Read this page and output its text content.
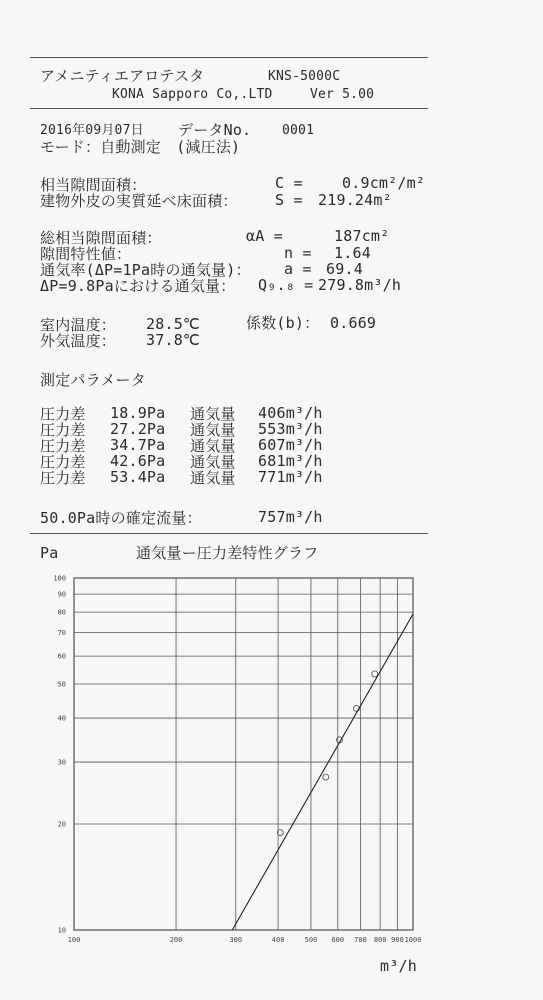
アメニティエアロテスタ	KNS-5000C
KONA Sapporo Co,.LTD	Ver 5.00
2016年09月07日 データNo. 0001
モード：自動測定　(減圧法)
相当隙間面積：	C =	0.9cm²/m²
建物外皮の実質延べ床面積： S = 219.24m²
総相当隙間面積：	αA =	187cm²
隙間特性値：	n = 1.64
通気率(ΔP=1Pa時の通気量)： a = 69.4
ΔP=9.8Paにおける通気量： Q₉.₈ = 279.8m³/h
室内温度： 28.5℃	係数(b)： 0.669
外気温度： 37.8℃
測定パラメータ
圧力差 18.9Pa 通気量 406m³/h
圧力差 27.2Pa 通気量 553m³/h
圧力差 34.7Pa 通気量 607m³/h
圧力差 42.6Pa 通気量 681m³/h
圧力差 53.4Pa 通気量 771m³/h
50.0Pa時の確定流量：	757m³/h
Pa	通気量ー圧力差特性グラフ
100	200	300	400	500 600 700 800 900 1000
10
20
30
40
50
60
70
80
90
100
m³/h
